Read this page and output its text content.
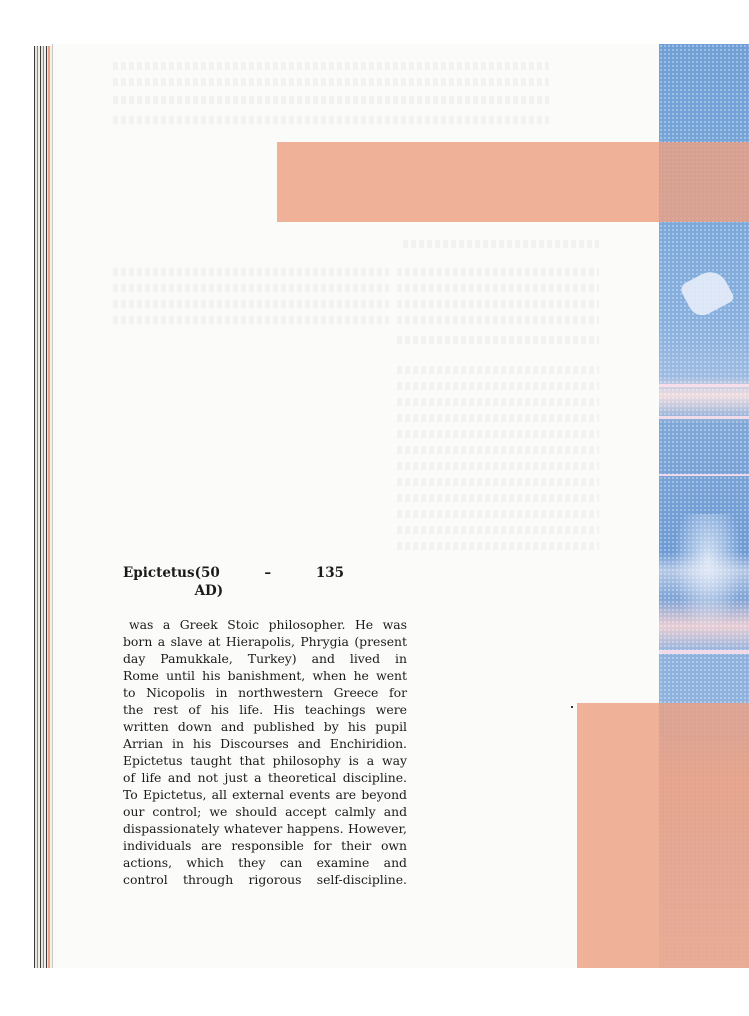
Epictetus (50 – 135 AD)

was a Greek Stoic philosopher. He was
born a slave at Hierapolis, Phrygia (present
day Pamukkale, Turkey) and lived in
Rome until his banishment, when he went
to Nicopolis in northwestern Greece for
the rest of his life. His teachings were
written down and published by his pupil
Arrian in his Discourses and Enchiridion.
Epictetus taught that philosophy is a way
of life and not just a theoretical discipline.
To Epictetus, all external events are beyond
our control; we should accept calmly and
dispassionately whatever happens. However,
individuals are responsible for their own
actions, which they can examine and
control through rigorous self-discipline.
